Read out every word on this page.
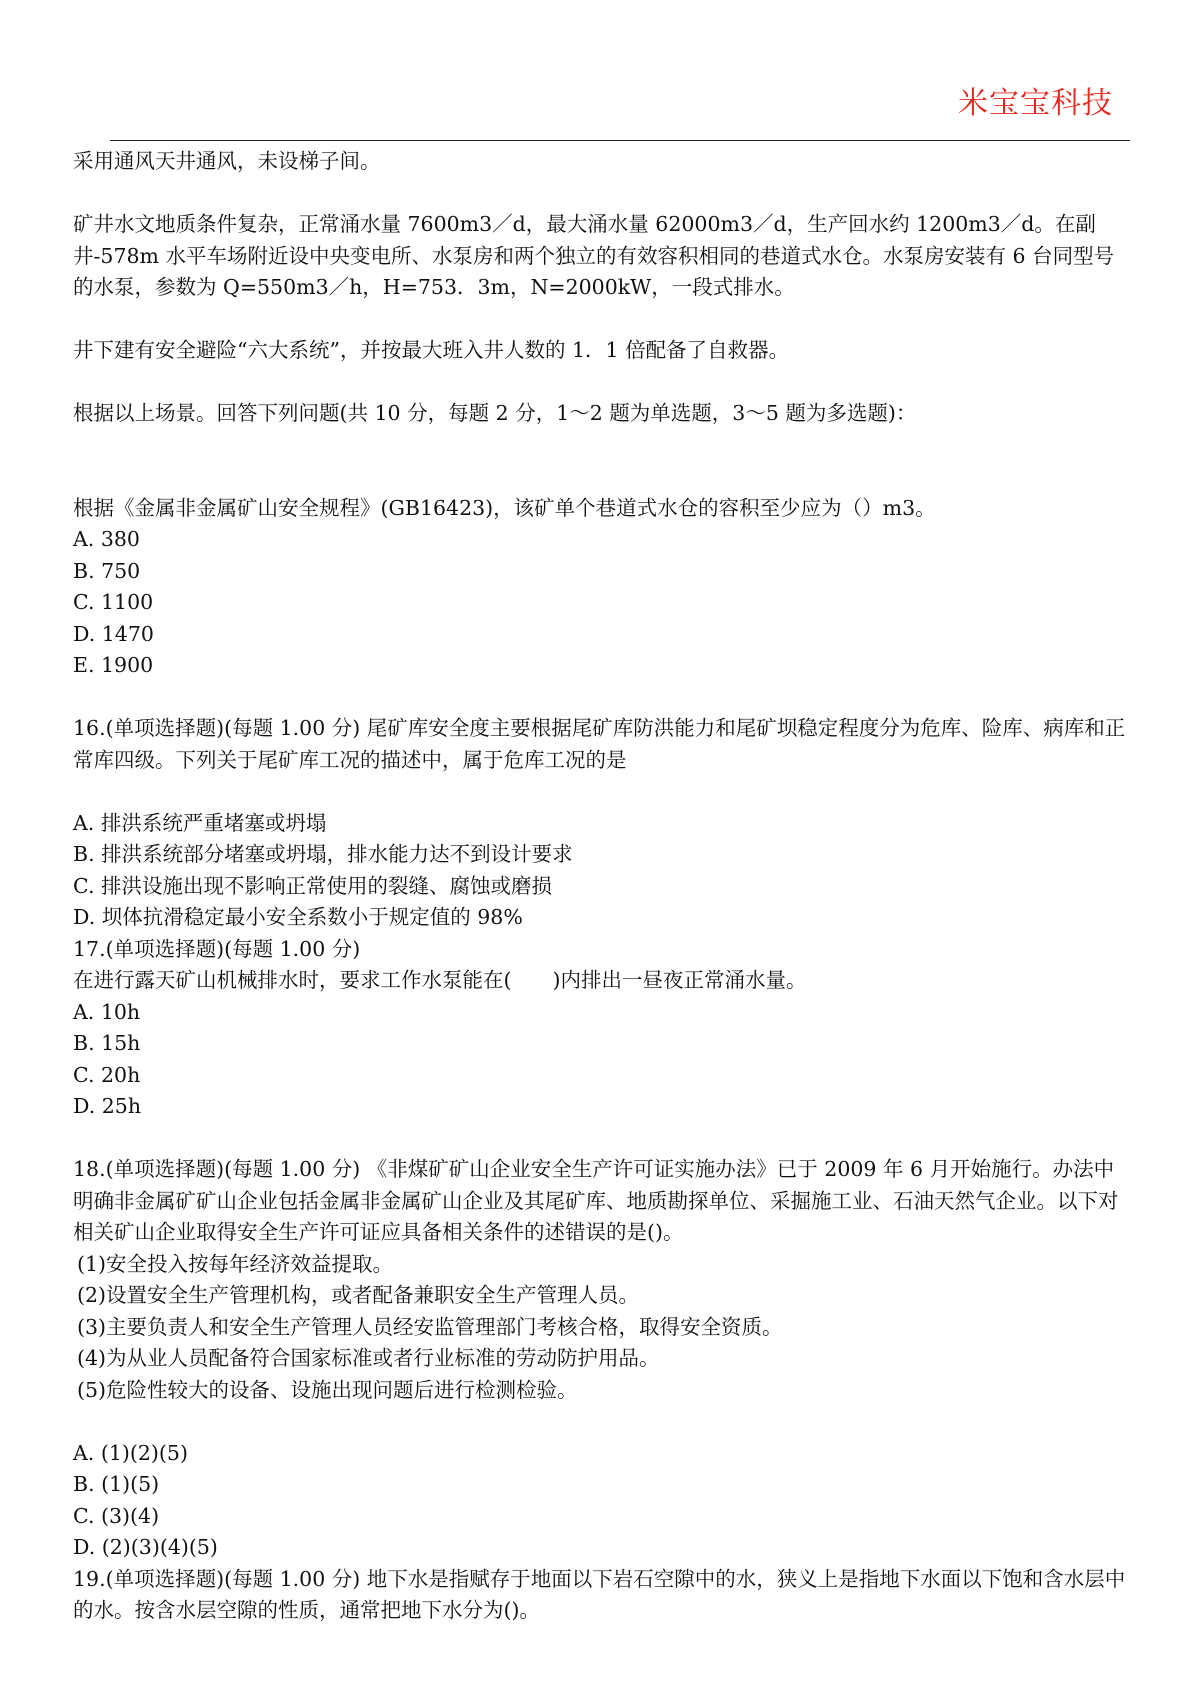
米宝宝科技

采用通风天井通风，未设梯子间。

矿井水文地质条件复杂，正常涌水量 7600m3／d，最大涌水量 62000m3／d，生产回水约 1200m3／d。在副井-578m 水平车场附近设中央变电所、水泵房和两个独立的有效容积相同的巷道式水仓。水泵房安装有 6 台同型号的水泵，参数为 Q=550m3／h，H=753．3m，N=2000kW，一段式排水。

井下建有安全避险“六大系统”，并按最大班入井人数的 1．1 倍配备了自救器。

根据以上场景。回答下列问题(共 10 分，每题 2 分，1～2 题为单选题，3～5 题为多选题)：

根据《金属非金属矿山安全规程》(GB16423)，该矿单个巷道式水仓的容积至少应为（）m3。

A. 380
B. 750
C. 1100
D. 1470
E. 1900

16.(单项选择题)(每题 1.00 分) 尾矿库安全度主要根据尾矿库防洪能力和尾矿坝稳定程度分为危库、险库、病库和正常库四级。下列关于尾矿库工况的描述中，属于危库工况的是

A. 排洪系统严重堵塞或坍塌
B. 排洪系统部分堵塞或坍塌，排水能力达不到设计要求
C. 排洪设施出现不影响正常使用的裂缝、腐蚀或磨损
D. 坝体抗滑稳定最小安全系数小于规定值的 98%

17.(单项选择题)(每题 1.00 分)

在进行露天矿山机械排水时，要求工作水泵能在(　　)内排出一昼夜正常涌水量。

A. 10h
B. 15h
C. 20h
D. 25h

18.(单项选择题)(每题 1.00 分) 《非煤矿矿山企业安全生产许可证实施办法》已于 2009 年 6 月开始施行。办法中明确非金属矿矿山企业包括金属非金属矿山企业及其尾矿库、地质勘探单位、采掘施工业、石油天然气企业。以下对相关矿山企业取得安全生产许可证应具备相关条件的述错误的是()。

(1)安全投入按每年经济效益提取。
(2)设置安全生产管理机构，或者配备兼职安全生产管理人员。
(3)主要负责人和安全生产管理人员经安监管理部门考核合格，取得安全资质。
(4)为从业人员配备符合国家标准或者行业标准的劳动防护用品。
(5)危险性较大的设备、设施出现问题后进行检测检验。
A. (1)(2)(5)
B. (1)(5)
C. (3)(4)
D. (2)(3)(4)(5)

19.(单项选择题)(每题 1.00 分) 地下水是指赋存于地面以下岩石空隙中的水，狭义上是指地下水面以下饱和含水层中的水。按含水层空隙的性质，通常把地下水分为()。
